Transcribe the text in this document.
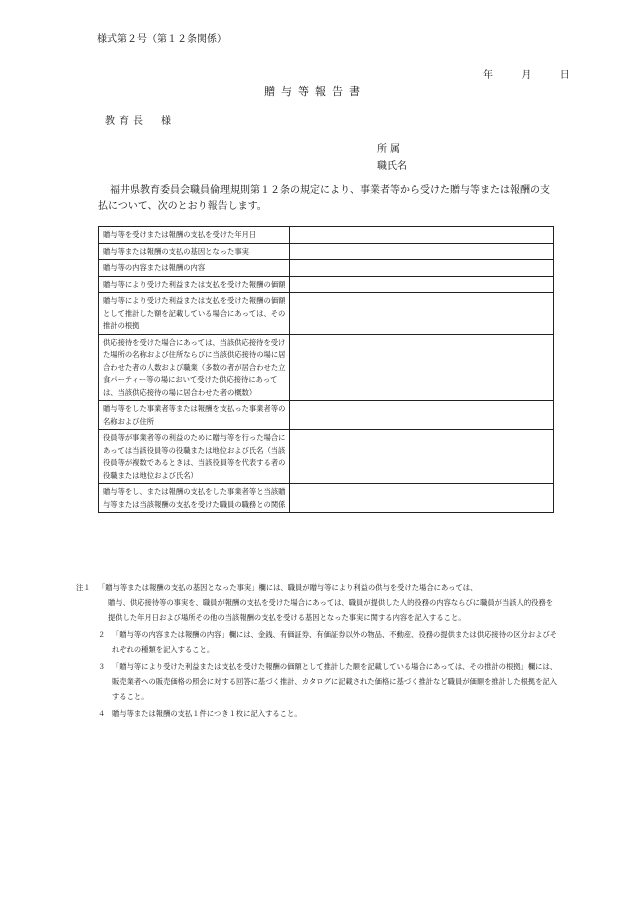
様式第２号（第１２条関係）
年	月	日
贈与等報告書
教育長　様
所属
職氏名
福井県教育委員会職員倫理規則第１２条の規定により、事業者等から受けた贈与等または報酬の支払について、次のとおり報告します。
贈与等を受けまたは報酬の支払を受けた年月日	
贈与等または報酬の支払の基因となった事実	
贈与等の内容または報酬の内容	
贈与等により受けた利益または支払を受けた報酬の価額	
贈与等により受けた利益または支払を受けた報酬の価額として推計した額を記載している場合にあっては、その推計の根拠	
供応接待を受けた場合にあっては、当該供応接待を受けた場所の名称および住所ならびに当該供応接待の場に居合わせた者の人数および職業（多数の者が居合わせた立食パーティー等の場において受けた供応接待にあっては、当該供応接待の場に居合わせた者の概数）	
贈与等をした事業者等または報酬を支払った事業者等の名称および住所	
役員等が事業者等の利益のために贈与等を行った場合にあっては当該役員等の役職または地位および氏名（当該役員等が複数であるときは、当該役員等を代表する者の役職または地位および氏名）	
贈与等をし、または報酬の支払をした事業者等と当該贈与等または当該報酬の支払を受けた職員の職務との関係	
注１ 「贈与等または報酬の支払の基因となった事実」欄には、職員が贈与等により利益の供与を受けた場合にあっては、
贈与、供応接待等の事実を、職員が報酬の支払を受けた場合にあっては、職員が提供した人的役務の内容ならびに職員が当該人的役務を提供した年月日および場所その他の当該報酬の支払を受ける基因となった事実に関する内容を記入すること。
２ 「贈与等の内容または報酬の内容」欄には、金銭、有価証券、有価証券以外の物品、不動産、役務の提供または供応接待の区分およびそれぞれの種類を記入すること。
３ 「贈与等により受けた利益または支払を受けた報酬の価額として推計した額を記載している場合にあっては、その推計の根拠」欄には、販売業者への販売価格の照会に対する回答に基づく推計、カタログに記載された価格に基づく推計など職員が価額を推計した根拠を記入すること。
４ 贈与等または報酬の支払１件につき１枚に記入すること。
